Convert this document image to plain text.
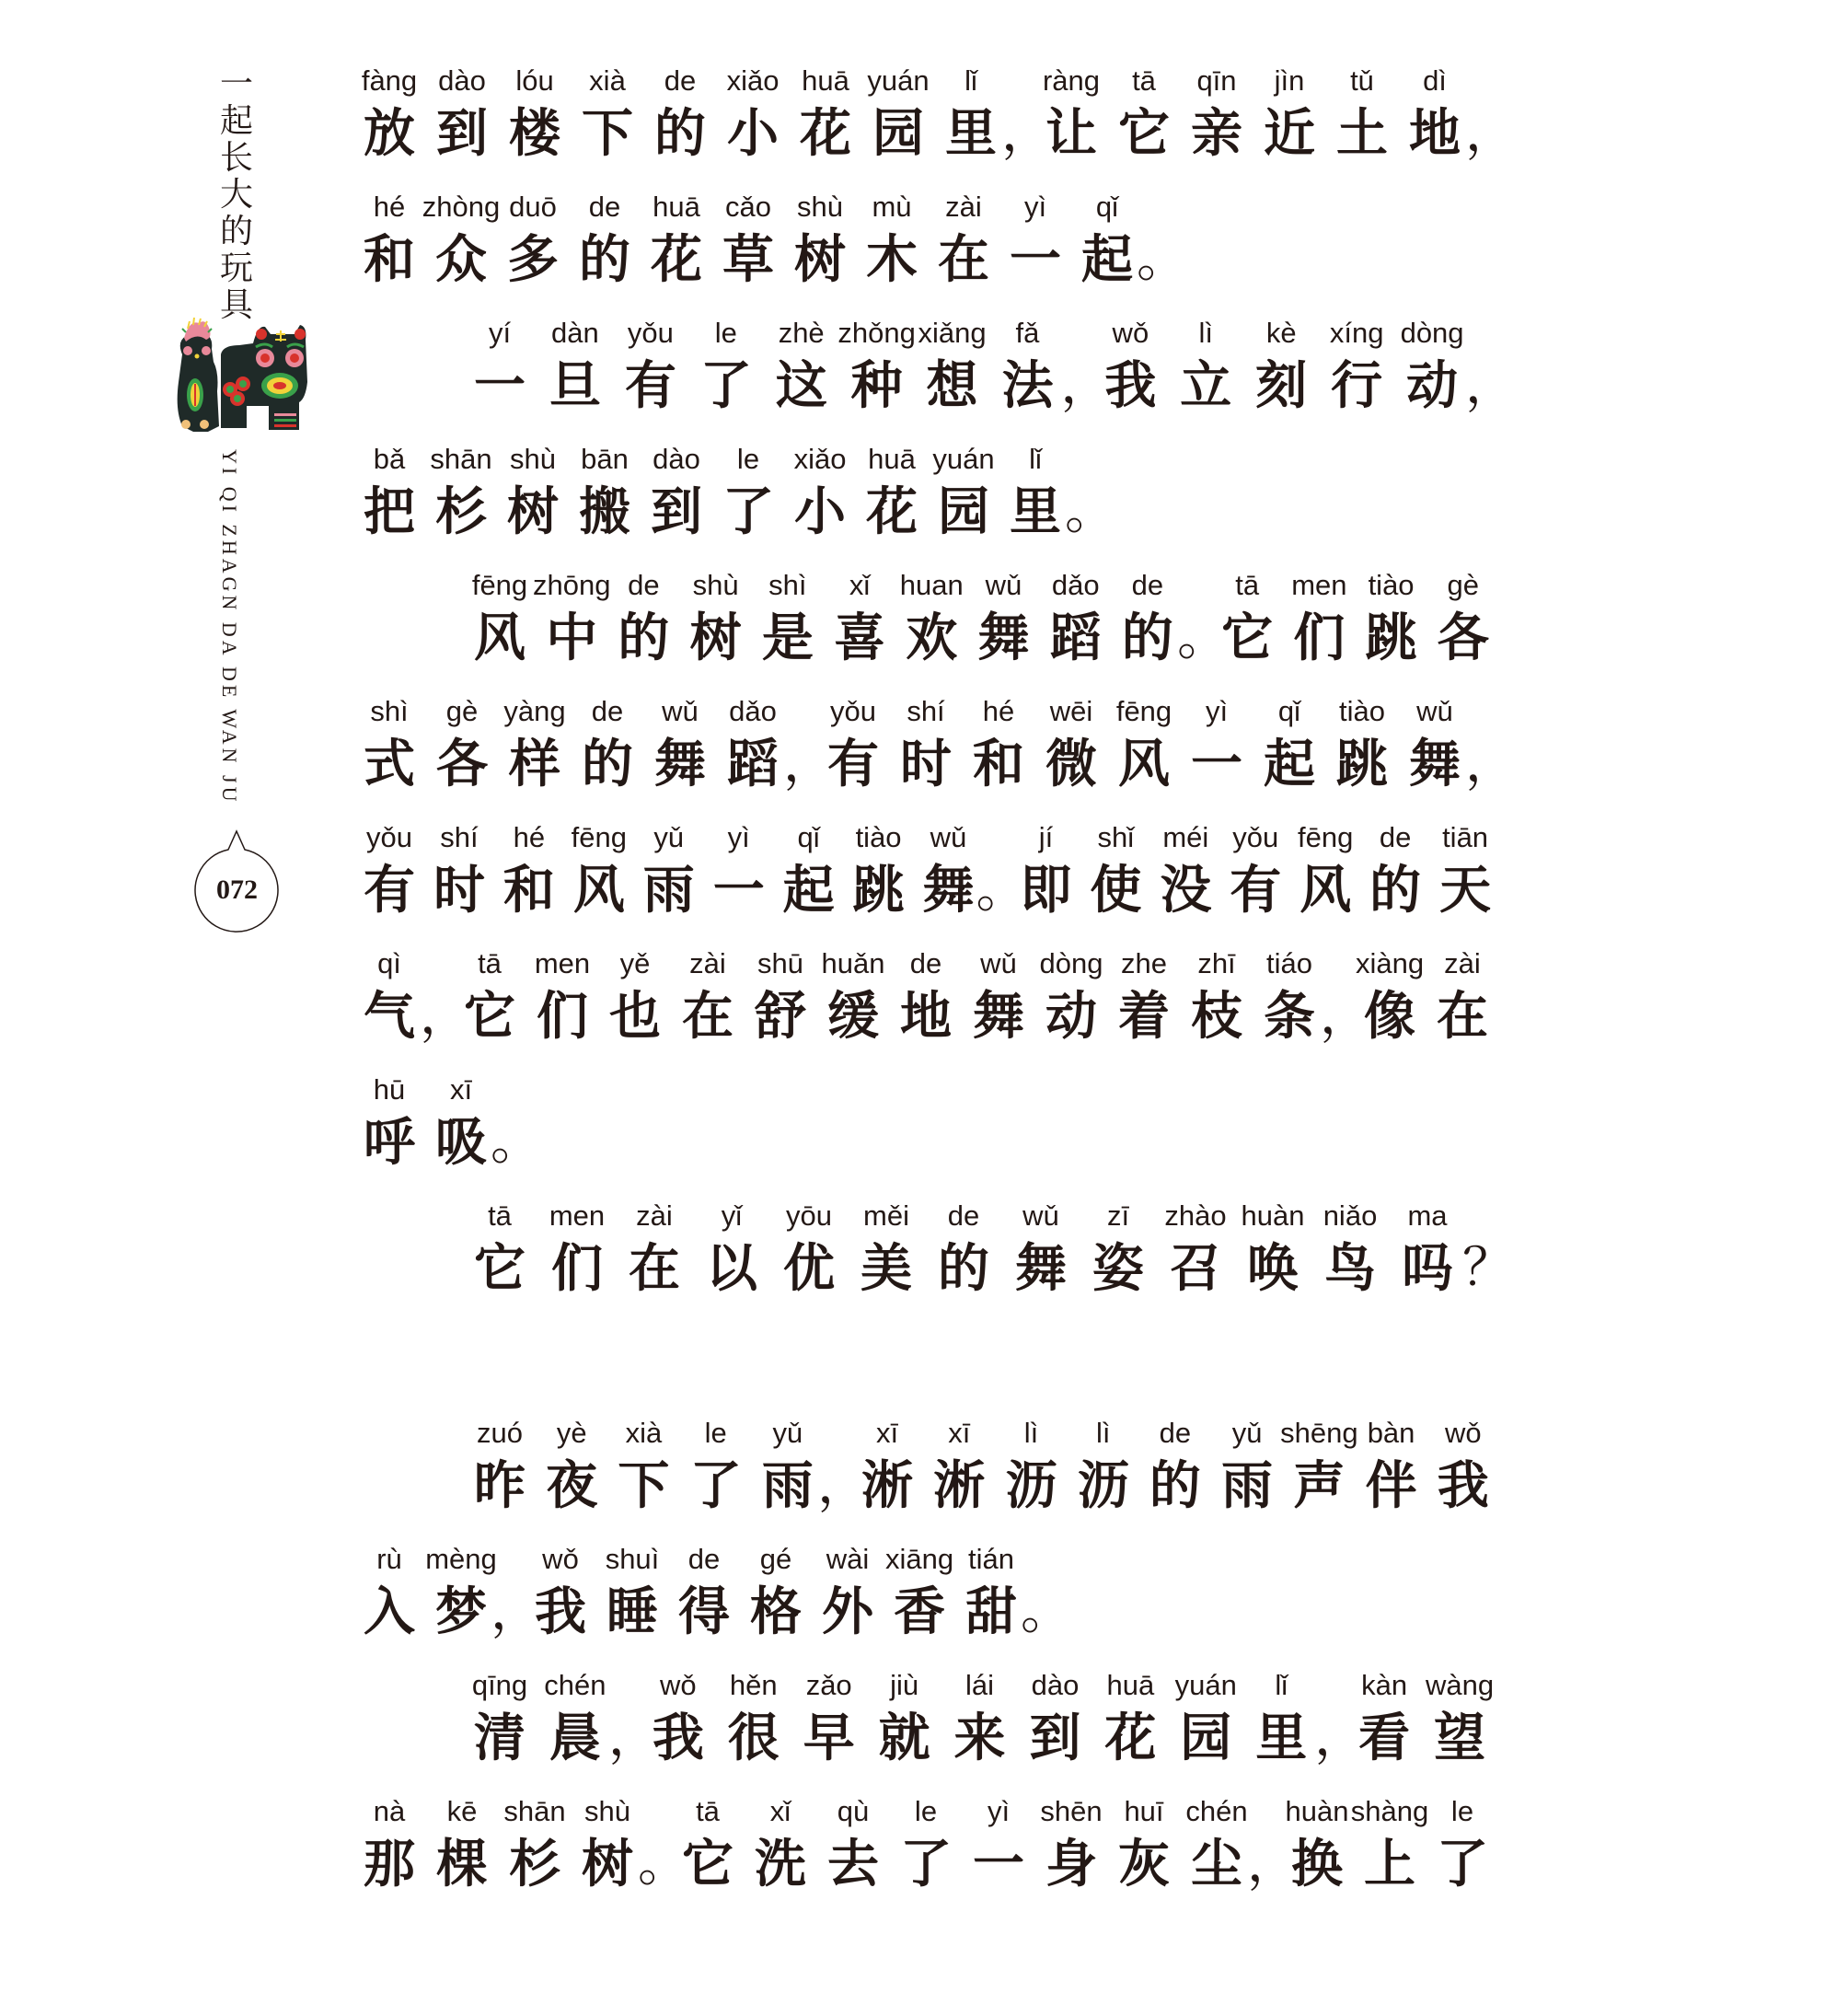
一
起
长
大
的
玩
具
YI QI ZHAGN DA DE WAN JU
072
fàng
放
dào
到
lóu
楼
xià
下
de
的
xiǎo
小
huā
花
yuán
园
lǐ
里 ，
ràng
让
tā
它
qīn
亲
jìn
近
tǔ
土
dì
地 ，
hé
和
zhòng
众
duō
多
de
的
huā
花
cǎo
草
shù
树
mù
木
zài
在
yì
一
qǐ
起 。
yí
一
dàn
旦
yǒu
有
le
了
zhè
这
zhǒng
种
xiǎng
想
fǎ
法 ，
wǒ
我
lì
立
kè
刻
xíng
行
dòng
动 ，
bǎ
把
shān
杉
shù
树
bān
搬
dào
到
le
了
xiǎo
小
huā
花
yuán
园
lǐ
里 。
fēng
风
zhōng
中
de
的
shù
树
shì
是
xǐ
喜
huan
欢
wǔ
舞
dǎo
蹈
de
的 。
tā
它
men
们
tiào
跳
gè
各
shì
式
gè
各
yàng
样
de
的
wǔ
舞
dǎo
蹈 ，
yǒu
有
shí
时
hé
和
wēi
微
fēng
风
yì
一
qǐ
起
tiào
跳
wǔ
舞 ，
yǒu
有
shí
时
hé
和
fēng
风
yǔ
雨
yì
一
qǐ
起
tiào
跳
wǔ
舞 。
jí
即
shǐ
使
méi
没
yǒu
有
fēng
风
de
的
tiān
天
qì
气 ，
tā
它
men
们
yě
也
zài
在
shū
舒
huǎn
缓
de
地
wǔ
舞
dòng
动
zhe
着
zhī
枝
tiáo
条 ，
xiàng
像
zài
在
hū
呼
xī
吸 。
tā
它
men
们
zài
在
yǐ
以
yōu
优
měi
美
de
的
wǔ
舞
zī
姿
zhào
召
huàn
唤
niǎo
鸟
ma
吗 ？
zuó
昨
yè
夜
xià
下
le
了
yǔ
雨 ，
xī
淅
xī
淅
lì
沥
lì
沥
de
的
yǔ
雨
shēng
声
bàn
伴
wǒ
我
rù
入
mèng
梦 ，
wǒ
我
shuì
睡
de
得
gé
格
wài
外
xiāng
香
tián
甜 。
qīng
清
chén
晨 ，
wǒ
我
hěn
很
zǎo
早
jiù
就
lái
来
dào
到
huā
花
yuán
园
lǐ
里 ，
kàn
看
wàng
望
nà
那
kē
棵
shān
杉
shù
树 。
tā
它
xǐ
洗
qù
去
le
了
yì
一
shēn
身
huī
灰
chén
尘 ，
huàn
换
shàng
上
le
了
